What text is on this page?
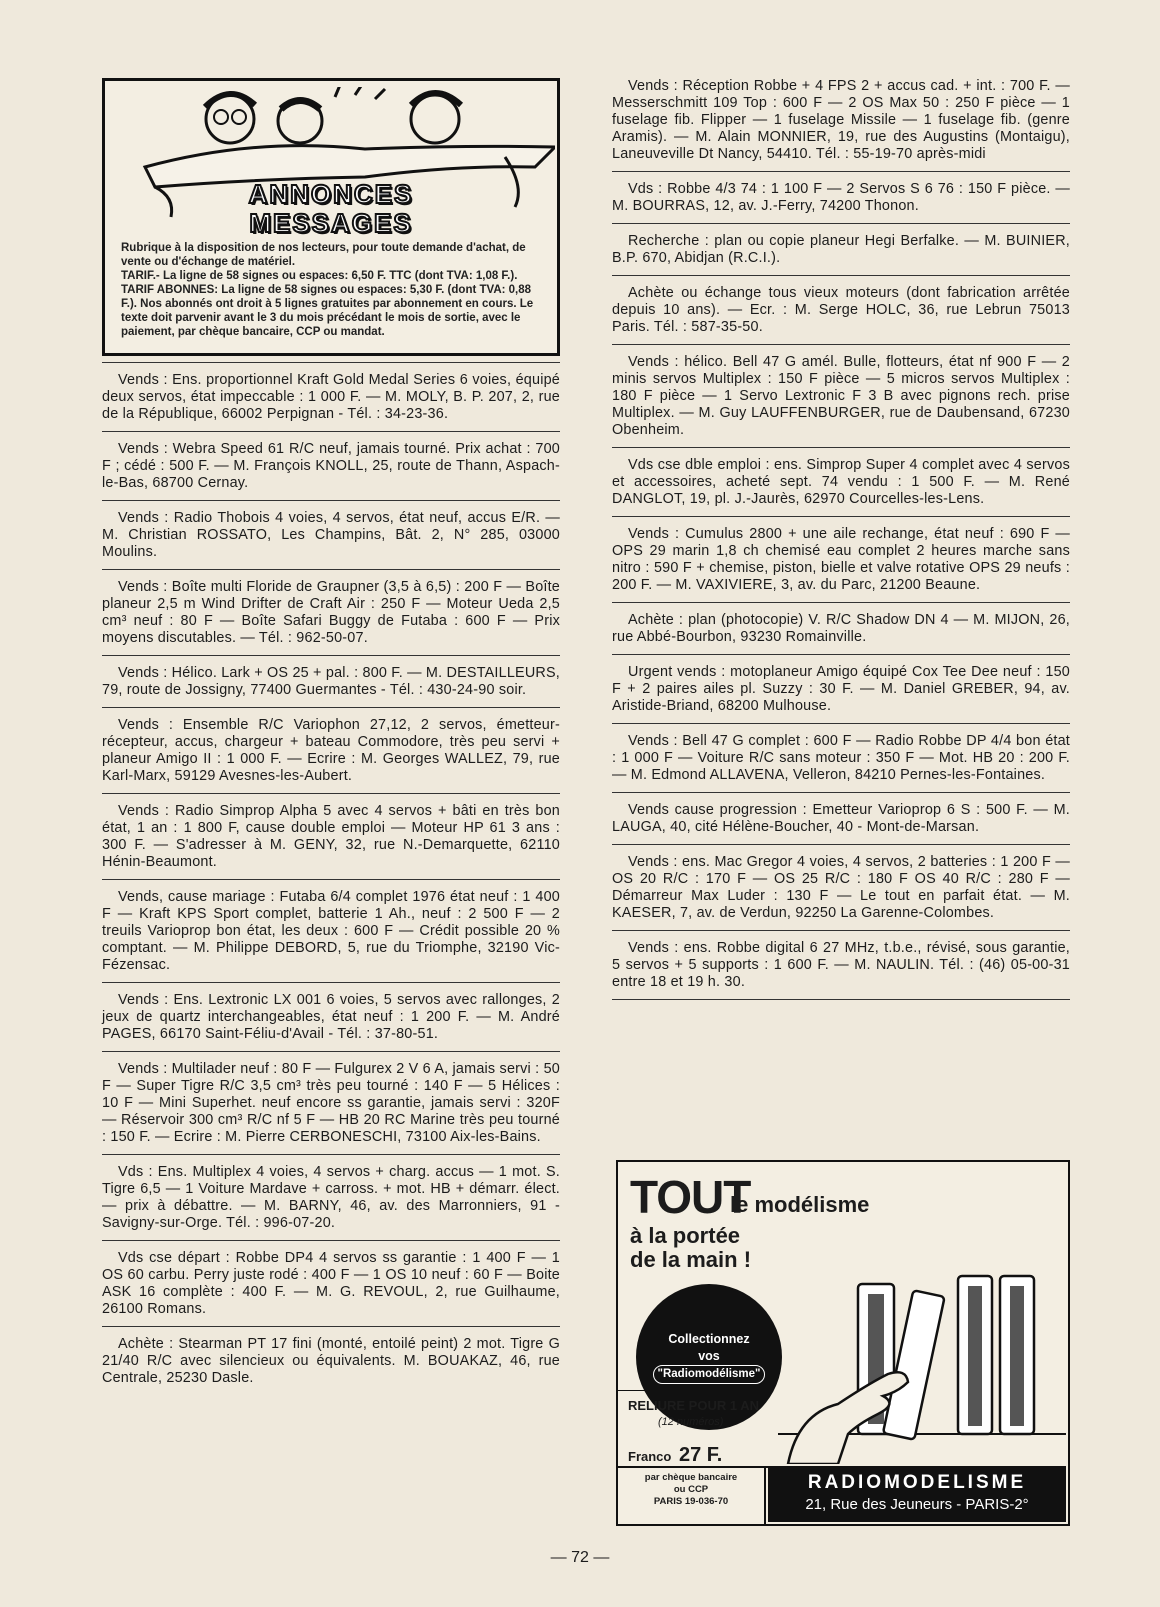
ANNONCES
MESSAGES

Rubrique à la disposition de nos lecteurs, pour toute demande d'achat, de vente ou d'échange de matériel.

TARIF.- La ligne de 58 signes ou espaces: 6,50 F. TTC (dont TVA: 1,08 F.).

TARIF ABONNES: La ligne de 58 signes ou espaces: 5,30 F. (dont TVA: 0,88 F.). Nos abonnés ont droit à 5 lignes gratuites par abonnement en cours. Le texte doit parvenir avant le 3 du mois précédant le mois de sortie, avec le paiement, par chèque bancaire, CCP ou mandat.

Vends : Ens. proportionnel Kraft Gold Medal Series 6 voies, équipé deux servos, état impeccable : 1 000 F. — M. MOLY, B. P. 207, 2, rue de la République, 66002 Perpignan - Tél. : 34-23-36.
Vends : Webra Speed 61 R/C neuf, jamais tourné. Prix achat : 700 F ; cédé : 500 F. — M. François KNOLL, 25, route de Thann, Aspach-le-Bas, 68700 Cernay.
Vends : Radio Thobois 4 voies, 4 servos, état neuf, accus E/R. — M. Christian ROSSATO, Les Champins, Bât. 2, N° 285, 03000 Moulins.
Vends : Boîte multi Floride de Graupner (3,5 à 6,5) : 200 F — Boîte planeur 2,5 m Wind Drifter de Craft Air : 250 F — Moteur Ueda 2,5 cm³ neuf : 80 F — Boîte Safari Buggy de Futaba : 600 F — Prix moyens discutables. — Tél. : 962-50-07.
Vends : Hélico. Lark + OS 25 + pal. : 800 F. — M. DESTAILLEURS, 79, route de Jossigny, 77400 Guermantes - Tél. : 430-24-90 soir.
Vends : Ensemble R/C Variophon 27,12, 2 servos, émetteur-récepteur, accus, chargeur + bateau Commodore, très peu servi + planeur Amigo II : 1 000 F. — Ecrire : M. Georges WALLEZ, 79, rue Karl-Marx, 59129 Avesnes-les-Aubert.
Vends : Radio Simprop Alpha 5 avec 4 servos + bâti en très bon état, 1 an : 1 800 F, cause double emploi — Moteur HP 61 3 ans : 300 F. — S'adresser à M. GENY, 32, rue N.-Demarquette, 62110 Hénin-Beaumont.
Vends, cause mariage : Futaba 6/4 complet 1976 état neuf : 1 400 F — Kraft KPS Sport complet, batterie 1 Ah., neuf : 2 500 F — 2 treuils Varioprop bon état, les deux : 600 F — Crédit possible 20 % comptant. — M. Philippe DEBORD, 5, rue du Triomphe, 32190 Vic-Fézensac.
Vends : Ens. Lextronic LX 001 6 voies, 5 servos avec rallonges, 2 jeux de quartz interchangeables, état neuf : 1 200 F. — M. André PAGES, 66170 Saint-Féliu-d'Avail - Tél. : 37-80-51.
Vends : Multilader neuf : 80 F — Fulgurex 2 V 6 A, jamais servi : 50 F — Super Tigre R/C 3,5 cm³ très peu tourné : 140 F — 5 Hélices : 10 F — Mini Superhet. neuf encore ss garantie, jamais servi : 320F — Réservoir 300 cm³ R/C nf 5 F — HB 20 RC Marine très peu tourné : 150 F. — Ecrire : M. Pierre CERBONESCHI, 73100 Aix-les-Bains.
Vds : Ens. Multiplex 4 voies, 4 servos + charg. accus — 1 mot. S. Tigre 6,5 — 1 Voiture Mardave + carross. + mot. HB + démarr. élect. — prix à débattre. — M. BARNY, 46, av. des Marronniers, 91 - Savigny-sur-Orge. Tél. : 996-07-20.
Vds cse départ : Robbe DP4 4 servos ss garantie : 1 400 F — 1 OS 60 carbu. Perry juste rodé : 400 F — 1 OS 10 neuf : 60 F — Boite ASK 16 complète : 400 F. — M. G. REVOUL, 2, rue Guilhaume, 26100 Romans.
Achète : Stearman PT 17 fini (monté, entoilé peint) 2 mot. Tigre G 21/40 R/C avec silencieux ou équivalents. M. BOUAKAZ, 46, rue Centrale, 25230 Dasle.
Vends : Réception Robbe + 4 FPS 2 + accus cad. + int. : 700 F. — Messerschmitt 109 Top : 600 F — 2 OS Max 50 : 250 F pièce — 1 fuselage fib. Flipper — 1 fuselage Missile — 1 fuselage fib. (genre Aramis). — M. Alain MONNIER, 19, rue des Augustins (Montaigu), Laneuveville Dt Nancy, 54410. Tél. : 55-19-70 après-midi
Vds : Robbe 4/3 74 : 1 100 F — 2 Servos S 6 76 : 150 F pièce. — M. BOURRAS, 12, av. J.-Ferry, 74200 Thonon.
Recherche : plan ou copie planeur Hegi Berfalke. — M. BUINIER, B.P. 670, Abidjan (R.C.I.).
Achète ou échange tous vieux moteurs (dont fabrication arrêtée depuis 10 ans). — Ecr. : M. Serge HOLC, 36, rue Lebrun 75013 Paris. Tél. : 587-35-50.
Vends : hélico. Bell 47 G amél. Bulle, flotteurs, état nf 900 F — 2 minis servos Multiplex : 150 F pièce — 5 micros servos Multiplex : 180 F pièce — 1 Servo Lextronic F 3 B avec pignons rech. prise Multiplex. — M. Guy LAUFFENBURGER, rue de Daubensand, 67230 Obenheim.
Vds cse dble emploi : ens. Simprop Super 4 complet avec 4 servos et accessoires, acheté sept. 74 vendu : 1 500 F. — M. René DANGLOT, 19, pl. J.-Jaurès, 62970 Courcelles-les-Lens.
Vends : Cumulus 2800 + une aile rechange, état neuf : 690 F — OPS 29 marin 1,8 ch chemisé eau complet 2 heures marche sans nitro : 590 F + chemise, piston, bielle et valve rotative OPS 29 neufs : 200 F. — M. VAXIVIERE, 3, av. du Parc, 21200 Beaune.
Achète : plan (photocopie) V. R/C Shadow DN 4 — M. MIJON, 26, rue Abbé-Bourbon, 93230 Romainville.
Urgent vends : motoplaneur Amigo équipé Cox Tee Dee neuf : 150 F + 2 paires ailes pl. Suzzy : 30 F. — M. Daniel GREBER, 94, av. Aristide-Briand, 68200 Mulhouse.
Vends : Bell 47 G complet : 600 F — Radio Robbe DP 4/4 bon état : 1 000 F — Voiture R/C sans moteur : 350 F — Mot. HB 20 : 200 F. — M. Edmond ALLAVENA, Velleron, 84210 Pernes-les-Fontaines.
Vends cause progression : Emetteur Varioprop 6 S : 500 F. — M. LAUGA, 40, cité Hélène-Boucher, 40 - Mont-de-Marsan.
Vends : ens. Mac Gregor 4 voies, 4 servos, 2 batteries : 1 200 F — OS 20 R/C : 170 F — OS 25 R/C : 180 F OS 40 R/C : 280 F — Démarreur Max Luder : 130 F — Le tout en parfait état. — M. KAESER, 7, av. de Verdun, 92250 La Garenne-Colombes.
Vends : ens. Robbe digital 6 27 MHz, t.b.e., révisé, sous garantie, 5 servos + 5 supports : 1 600 F. — M. NAULIN. Tél. : (46) 05-00-31 entre 18 et 19 h. 30.
TOUT
le modélisme
à la portée
de la main !
Collectionnez
vos
"Radiomodélisme"
RELIURE POUR 1 AN
(12 numéros)
Franco 27 F.
par chèque bancaire
ou CCP
PARIS 19-036-70
RADIOMODELISME
21, Rue des Jeuneurs - PARIS-2°
— 72 —
